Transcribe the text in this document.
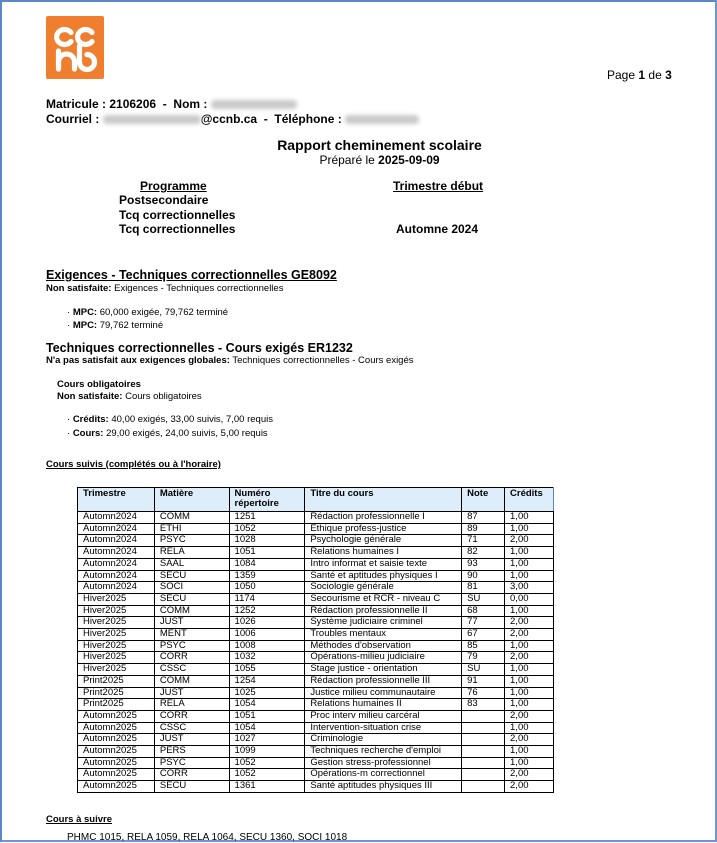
Page 1 de 3
Matricule : 2106206 - Nom :
Courriel :	@ccnb.ca - Téléphone :
Rapport cheminement scolaire
Préparé le 2025-09-09
Programme	Trimestre début
Postsecondaire
Tcq correctionnelles
Tcq correctionnelles	Automne 2024
Exigences - Techniques correctionnelles GE8092
Non satisfaite: Exigences - Techniques correctionnelles
· MPC: 60,000 exigée, 79,762 terminé
· MPC: 79,762 terminé
Techniques correctionnelles - Cours exigés ER1232
N'a pas satisfait aux exigences globales: Techniques correctionnelles - Cours exigés
Cours obligatoires
Non satisfaite: Cours obligatoires
· Crédits: 40,00 exigés, 33,00 suivis, 7,00 requis
· Cours: 29,00 exigés, 24,00 suivis, 5,00 requis
Cours suivis (complétés ou à l'horaire)
Trimestre	Matière	Numéro répertoire	Titre du cours	Note	Crédits
Automn2024	COMM	1251	Rédaction professionnelle I	87	1,00
Automn2024	ETHI	1052	Éthique profess-justice	89	1,00
Automn2024	PSYC	1028	Psychologie générale	71	2,00
Automn2024	RELA	1051	Relations humaines I	82	1,00
Automn2024	SAAL	1084	Intro informat et saisie texte	93	1,00
Automn2024	SECU	1359	Santé et aptitudes physiques I	90	1,00
Automn2024	SOCI	1050	Sociologie générale	81	3,00
Hiver2025	SECU	1174	Secourisme et RCR - niveau C	SU	0,00
Hiver2025	COMM	1252	Rédaction professionnelle II	68	1,00
Hiver2025	JUST	1026	Système judiciaire criminel	77	2,00
Hiver2025	MENT	1006	Troubles mentaux	67	2,00
Hiver2025	PSYC	1008	Méthodes d'observation	85	1,00
Hiver2025	CORR	1032	Opérations-milieu judiciaire	79	2,00
Hiver2025	CSSC	1055	Stage justice - orientation	SU	1,00
Print2025	COMM	1254	Rédaction professionnelle III	91	1,00
Print2025	JUST	1025	Justice milieu communautaire	76	1,00
Print2025	RELA	1054	Relations humaines II	83	1,00
Automn2025	CORR	1051	Proc interv milieu carcéral		2,00
Automn2025	CSSC	1054	Intervention-situation crise		1,00
Automn2025	JUST	1027	Criminologie		2,00
Automn2025	PERS	1099	Techniques recherche d'emploi		1,00
Automn2025	PSYC	1052	Gestion stress-professionnel		1,00
Automn2025	CORR	1052	Opérations-m correctionnel		2,00
Automn2025	SECU	1361	Santé aptitudes physiques III		2,00
Cours à suivre
PHMC 1015, RELA 1059, RELA 1064, SECU 1360, SOCI 1018
